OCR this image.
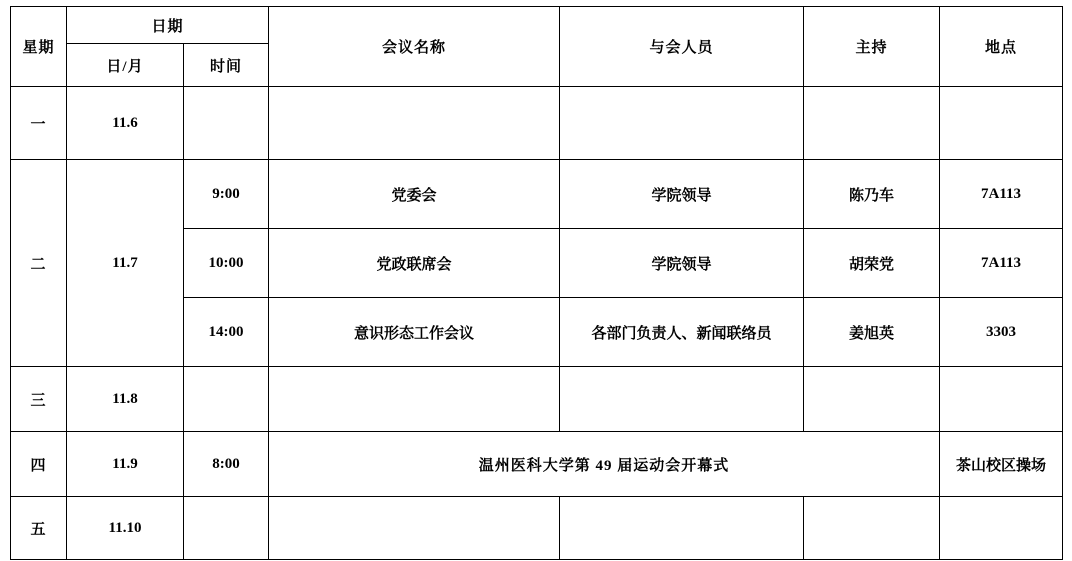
星期	日期		会议名称	与会人员	主持	地点
	日/月	时间				
一	11.6					
二	11.7	9:00	党委会	学院领导	陈乃车	7A113
		10:00	党政联席会	学院领导	胡荣党	7A113
		14:00	意识形态工作会议	各部门负责人、新闻联络员	姜旭英	3303
三	11.8					
四	11.9	8:00	温州医科大学第 49 届运动会开幕式			茶山校区操场
五	11.10					
